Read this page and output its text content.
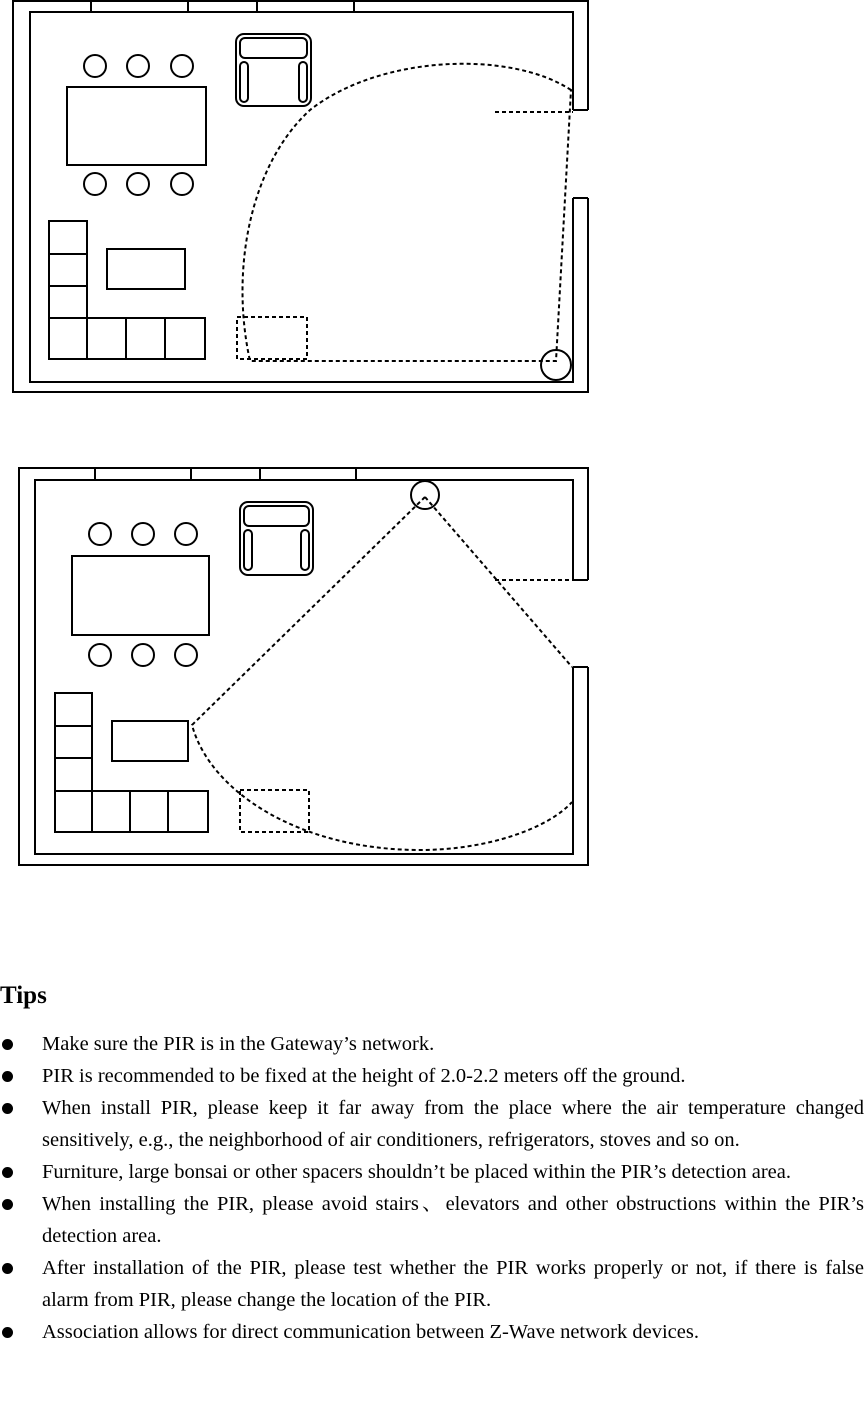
Tips
Make sure the PIR is in the Gateway’s network.
PIR is recommended to be fixed at the height of 2.0-2.2 meters off the ground.
When install PIR, please keep it far away from the place where the air temperature changed sensitively, e.g., the neighborhood of air conditioners, refrigerators, stoves and so on.
Furniture, large bonsai or other spacers shouldn’t be placed within the PIR’s detection area.
When installing the PIR, please avoid stairs、elevators and other obstructions within the PIR’s detection area.
After installation of the PIR, please test whether the PIR works properly or not, if there is false alarm from PIR, please change the location of the PIR.
Association allows for direct communication between Z-Wave network devices.
